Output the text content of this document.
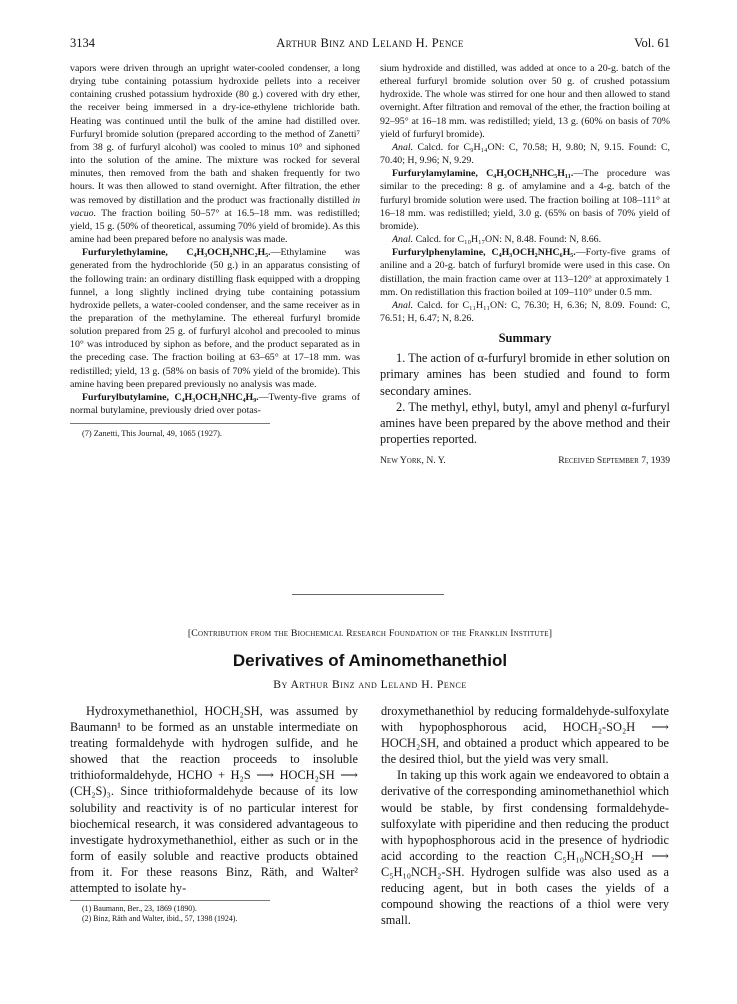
3134	Arthur Binz and Leland H. Pence	Vol. 61

vapors were driven through an upright water-cooled condenser, a long drying tube containing potassium hydroxide pellets into a receiver containing crushed potassium hydroxide (80 g.) covered with dry ether, the receiver being immersed in a dry-ice-ethylene trichloride bath. Heating was continued until the bulk of the amine had distilled over. Furfuryl bromide solution (prepared according to the method of Zanetti⁷ from 38 g. of furfuryl alcohol) was cooled to minus 10° and siphoned into the solution of the amine. The mixture was rocked for several minutes, then removed from the bath and shaken frequently for two hours. It was then allowed to stand overnight. After filtration, the ether was removed by distillation and the product was fractionally distilled in vacuo. The fraction boiling 50–57° at 16.5–18 mm. was redistilled; yield, 15 g. (50% of theoretical, assuming 70% yield of bromide). As this amine had been prepared before no analysis was made.

Furfurylethylamine, C₄H₃OCH₂NHC₂H₅.—Ethylamine was generated from the hydrochloride (50 g.) in an apparatus consisting of the following train: an ordinary distilling flask equipped with a dropping funnel, a long slightly inclined drying tube containing potassium hydroxide pellets, a water-cooled condenser, and the same receiver as in the preparation of the methylamine. The ethereal furfuryl bromide solution prepared from 25 g. of furfuryl alcohol and precooled to minus 10° was introduced by siphon as before, and the product separated as in the preceding case. The fraction boiling at 63–65° at 17–18 mm. was redistilled; yield, 13 g. (58% on basis of 70% yield of the bromide). This amine having been prepared previously no analysis was made.

Furfurylbutylamine, C₄H₃OCH₂NHC₄H₉.—Twenty-five grams of normal butylamine, previously dried over potas-

(7) Zanetti, This Journal, 49, 1065 (1927).

sium hydroxide and distilled, was added at once to a 20-g. batch of the ethereal furfuryl bromide solution over 50 g. of crushed potassium hydroxide. The whole was stirred for one hour and then allowed to stand overnight. After filtration and removal of the ether, the fraction boiling at 92–95° at 16–18 mm. was redistilled; yield, 13 g. (60% on basis of 70% yield of furfuryl bromide).

Anal. Calcd. for C₉H₁₄ON: C, 70.58; H, 9.80; N, 9.15. Found: C, 70.40; H, 9.96; N, 9.29.

Furfurylamylamine, C₄H₃OCH₂NHC₅H₁₁.—The procedure was similar to the preceding: 8 g. of amylamine and a 4-g. batch of the furfuryl bromide solution were used. The fraction boiling at 108–111° at 16–18 mm. was redistilled; yield, 3.0 g. (65% on basis of 70% yield of bromide).

Anal. Calcd. for C₁₀H₁₇ON: N, 8.48. Found: N, 8.66.

Furfurylphenylamine, C₄H₃OCH₂NHC₆H₅.—Forty-five grams of aniline and a 20-g. batch of furfuryl bromide were used in this case. On distillation, the main fraction came over at 113–120° at approximately 1 mm. On redistillation this fraction boiled at 109–110° under 0.5 mm.

Anal. Calcd. for C₁₁H₁₁ON: C, 76.30; H, 6.36; N, 8.09. Found: C, 76.51; H, 6.47; N, 8.26.

Summary

1. The action of α-furfuryl bromide in ether solution on primary amines has been studied and found to form secondary amines.

2. The methyl, ethyl, butyl, amyl and phenyl α-furfuryl amines have been prepared by the above method and their properties reported.

New York, N. Y.	Received September 7, 1939
[Contribution from the Biochemical Research Foundation of the Franklin Institute]
Derivatives of Aminomethanethiol
By Arthur Binz and Leland H. Pence

Hydroxymethanethiol, HOCH₂SH, was assumed by Baumann¹ to be formed as an unstable intermediate on treating formaldehyde with hydrogen sulfide, and he showed that the reaction proceeds to insoluble trithioformaldehyde, HCHO + H₂S ⟶ HOCH₂SH ⟶ (CH₂S)₃. Since trithioformaldehyde because of its low solubility and reactivity is of no particular interest for biochemical research, it was considered advantageous to investigate hydroxymethanethiol, either as such or in the form of easily soluble and reactive products obtained from it. For these reasons Binz, Räth, and Walter² attempted to isolate hy-

(1) Baumann, Ber., 23, 1869 (1890).
(2) Binz, Räth and Walter, ibid., 57, 1398 (1924).

droxymethanethiol by reducing formaldehyde-sulfoxylate with hypophosphorous acid, HOCH₂-SO₂H ⟶ HOCH₂SH, and obtained a product which appeared to be the desired thiol, but the yield was very small.

In taking up this work again we endeavored to obtain a derivative of the corresponding aminomethanethiol which would be stable, by first condensing formaldehyde-sulfoxylate with piperidine and then reducing the product with hypophosphorous acid in the presence of hydriodic acid according to the reaction C₅H₁₀NCH₂SO₂H ⟶ C₅H₁₀NCH₂-SH. Hydrogen sulfide was also used as a reducing agent, but in both cases the yields of a compound showing the reactions of a thiol were very small.
